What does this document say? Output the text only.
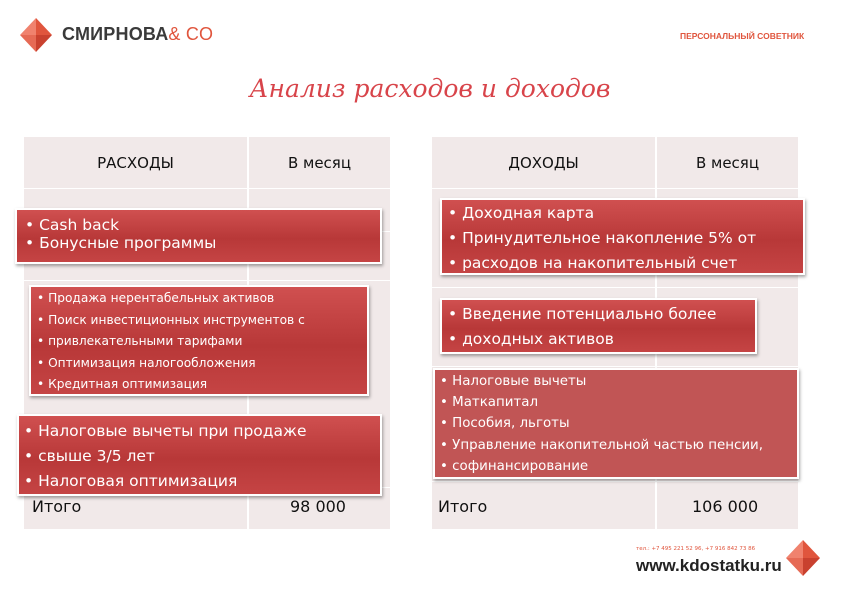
СМИРНОВА& CO	ПЕРСОНАЛЬНЫЙ СОВЕТНИК
Анализ расходов и доходов
РАСХОДЫ	В месяц
Итого	98 000
• Cash back
• Бонусные программы
• Продажа нерентабельных активов
• Поиск инвестиционных инструментов с
• привлекательными тарифами
• Оптимизация налогообложения
• Кредитная оптимизация
• Налоговые вычеты при продаже
• свыше 3/5 лет
• Налоговая оптимизация
ДОХОДЫ	В месяц
Итого	106 000
• Доходная карта
• Принудительное накопление 5% от
• расходов на накопительный счет
• Введение потенциально более
• доходных активов
• Налоговые вычеты
• Маткапитал
• Пособия, льготы
• Управление накопительной частью пенсии,
• софинансирование
тел.: +7 495 221 52 96, +7 916 842 73 86
www.kdostatku.ru
